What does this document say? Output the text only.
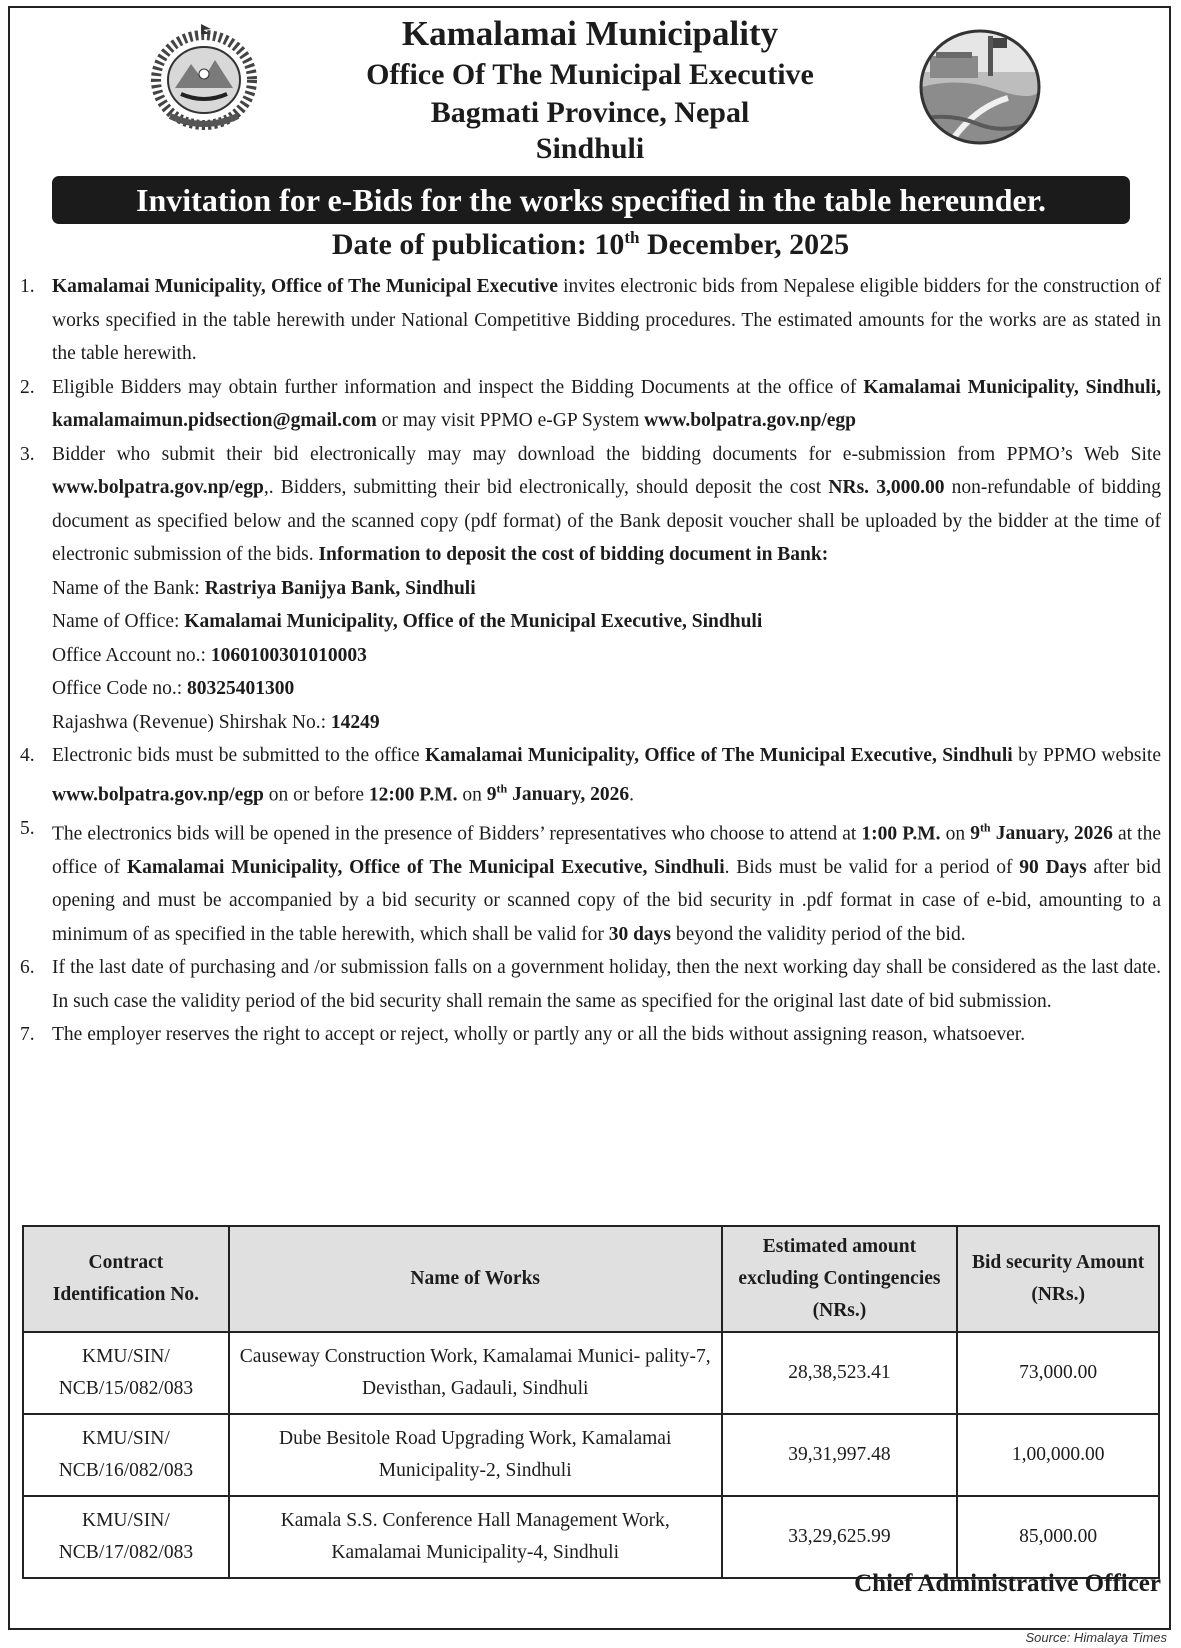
Kamalamai Municipality
Office Of The Municipal Executive
Bagmati Province, Nepal
Sindhuli
Invitation for e-Bids for the works specified in the table hereunder.
Date of publication: 10th December, 2025
1. Kamalamai Municipality, Office of The Municipal Executive invites electronic bids from Nepalese eligible bidders for the construction of works specified in the table herewith under National Competitive Bidding procedures. The estimated amounts for the works are as stated in the table herewith.
2. Eligible Bidders may obtain further information and inspect the Bidding Documents at the office of Kamalamai Municipality, Sindhuli, kamalamaimun.pidsection@gmail.com or may visit PPMO e-GP System www.bolpatra.gov.np/egp
3. Bidder who submit their bid electronically may may download the bidding documents for e-submission from PPMO’s Web Site www.bolpatra.gov.np/egp,. Bidders, submitting their bid electronically, should deposit the cost NRs. 3,000.00 non-refundable of bidding document as specified below and the scanned copy (pdf format) of the Bank deposit voucher shall be uploaded by the bidder at the time of electronic submission of the bids. Information to deposit the cost of bidding document in Bank:

Name of the Bank: Rastriya Banijya Bank, Sindhuli

Name of Office: Kamalamai Municipality, Office of the Municipal Executive, Sindhuli

Office Account no.: 1060100301010003

Office Code no.: 80325401300

Rajashwa (Revenue) Shirshak No.: 14249

4. Electronic bids must be submitted to the office Kamalamai Municipality, Office of The Municipal Executive, Sindhuli by PPMO website www.bolpatra.gov.np/egp on or before 12:00 P.M. on 9th January, 2026.
5. The electronics bids will be opened in the presence of Bidders’ representatives who choose to attend at 1:00 P.M. on 9th January, 2026 at the office of Kamalamai Municipality, Office of The Municipal Executive, Sindhuli. Bids must be valid for a period of 90 Days after bid opening and must be accompanied by a bid security or scanned copy of the bid security in .pdf format in case of e-bid, amounting to a minimum of as specified in the table herewith, which shall be valid for 30 days beyond the validity period of the bid.
6. If the last date of purchasing and /or submission falls on a government holiday, then the next working day shall be considered as the last date. In such case the validity period of the bid security shall remain the same as specified for the original last date of bid submission.
7. The employer reserves the right to accept or reject, wholly or partly any or all the bids without assigning reason, whatsoever.
Contract Identification No.	Name of Works	Estimated amount excluding Contingencies (NRs.)	Bid security Amount (NRs.)
KMU/SIN/ NCB/15/082/083	Causeway Construction Work, Kamalamai Munici- pality-7, Devisthan, Gadauli, Sindhuli	28,38,523.41	73,000.00
KMU/SIN/ NCB/16/082/083	Dube Besitole Road Upgrading Work, Kamalamai Municipality-2, Sindhuli	39,31,997.48	1,00,000.00
KMU/SIN/ NCB/17/082/083	Kamala S.S. Conference Hall Management Work, Kamalamai Municipality-4, Sindhuli	33,29,625.99	85,000.00
Chief Administrative Officer
Source: Himalaya Times
